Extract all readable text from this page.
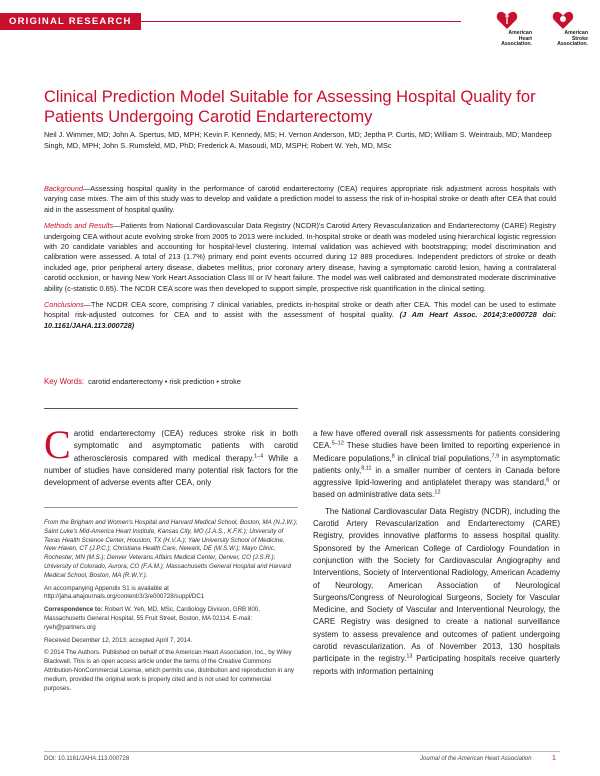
ORIGINAL RESEARCH
American
Heart
Association.
American
Stroke
Association.
Clinical Prediction Model Suitable for Assessing Hospital Quality for Patients Undergoing Carotid Endarterectomy
Neil J. Wimmer, MD; John A. Spertus, MD, MPH; Kevin F. Kennedy, MS; H. Vernon Anderson, MD; Jeptha P. Curtis, MD; William S. Weintraub, MD; Mandeep Singh, MD, MPH; John S. Rumsfeld, MD, PhD; Frederick A. Masoudi, MD, MSPH; Robert W. Yeh, MD, MSc

Background—Assessing hospital quality in the performance of carotid endarterectomy (CEA) requires appropriate risk adjustment across hospitals with varying case mixes. The aim of this study was to develop and validate a prediction model to assess the risk of in-hospital stroke or death after CEA that could aid in the assessment of hospital quality.

Methods and Results—Patients from National Cardiovascular Data Registry (NCDR)'s Carotid Artery Revascularization and Endarterectomy (CARE) Registry undergoing CEA without acute evolving stroke from 2005 to 2013 were included. In-hospital stroke or death was modeled using hierarchical logistic regression with 20 candidate variables and accounting for hospital-level clustering. Internal validation was achieved with bootstrapping; model discrimination and calibration were assessed. A total of 213 (1.7%) primary end point events occurred during 12 889 procedures. Independent predictors of stroke or death included age, prior peripheral artery disease, diabetes mellitus, prior coronary artery disease, having a symptomatic carotid lesion, having a contralateral carotid occlusion, or having New York Heart Association Class III or IV heart failure. The model was well calibrated and demonstrated moderate discriminative ability (c-statistic 0.65). The NCDR CEA score was then developed to support simple, prospective risk quantification in the clinical setting.

Conclusions—The NCDR CEA score, comprising 7 clinical variables, predicts in-hospital stroke or death after CEA. This model can be used to estimate hospital risk-adjusted outcomes for CEA and to assist with the assessment of hospital quality. (J Am Heart Assoc. 2014;3:e000728 doi: 10.1161/JAHA.113.000728)

Key Words: carotid endarterectomy • risk prediction • stroke
Carotid endarterectomy (CEA) reduces stroke risk in both symptomatic and asymptomatic patients with carotid atherosclerosis compared with medical therapy.$^{1-4}$ While a number of studies have considered many potential risk factors for the development of adverse events after CEA, only

From the Brigham and Women's Hospital and Harvard Medical School, Boston, MA (N.J.W.); Saint Luke's Mid-America Heart Institute, Kansas City, MO (J.A.S., K.F.K.); University of Texas Health Science Center, Houston, TX (H.V.A.); Yale University School of Medicine, New Haven, CT (J.P.C.); Christiana Health Care, Newark, DE (W.S.W.); Mayo Clinic, Rochester, MN (M.S.); Denver Veterans Affairs Medical Center, Denver, CO (J.S.R.); University of Colorado, Aurora, CO (F.A.M.); Massachusetts General Hospital and Harvard Medical School, Boston, MA (R.W.Y.).

An accompanying Appendix S1 is available at http://jaha.ahajournals.org/content/3/3/e000728/suppl/DC1

Correspondence to: Robert W. Yeh, MD, MSc, Cardiology Division, GRB 800, Massachusetts General Hospital, 55 Fruit Street, Boston, MA 02114. E-mail: ryeh@partners.org

Received December 12, 2013; accepted April 7, 2014.

© 2014 The Authors. Published on behalf of the American Heart Association, Inc., by Wiley Blackwell. This is an open access article under the terms of the Creative Commons Attribution-NonCommercial License, which permits use, distribution and reproduction in any medium, provided the original work is properly cited and is not used for commercial purposes.

a few have offered overall risk assessments for patients considering CEA.$^{5-12}$ These studies have been limited to reporting experience in Medicare populations,$^8$ in clinical trial populations,$^{7,9}$ in asymptomatic patients only,$^{8,11}$ in a smaller number of centers in Canada before aggressive lipid-lowering and antiplatelet therapy was standard,$^6$ or based on administrative data sets.$^{12}$

The National Cardiovascular Data Registry (NCDR), including the Carotid Artery Revascularization and Endarterectomy (CARE) Registry, provides innovative platforms to assess hospital quality. Sponsored by the American College of Cardiology Foundation in conjunction with the Society for Cardiovascular Angiography and Interventions, Society of Interventional Radiology, American Academy of Neurology, American Association of Neurological Surgeons/Congress of Neurological Surgeons, Society for Vascular Medicine, and Society of Vascular and Interventional Neurology, the CARE Registry was designed to create a national surveillance system to assess prevalence and outcomes of patient undergoing carotid revascularization. As of November 2013, 130 hospitals participate in the registry.$^{13}$ Participating hospitals receive quarterly reports with information pertaining

DOI: 10.1161/JAHA.113.000728	Journal of the American Heart Association	1
